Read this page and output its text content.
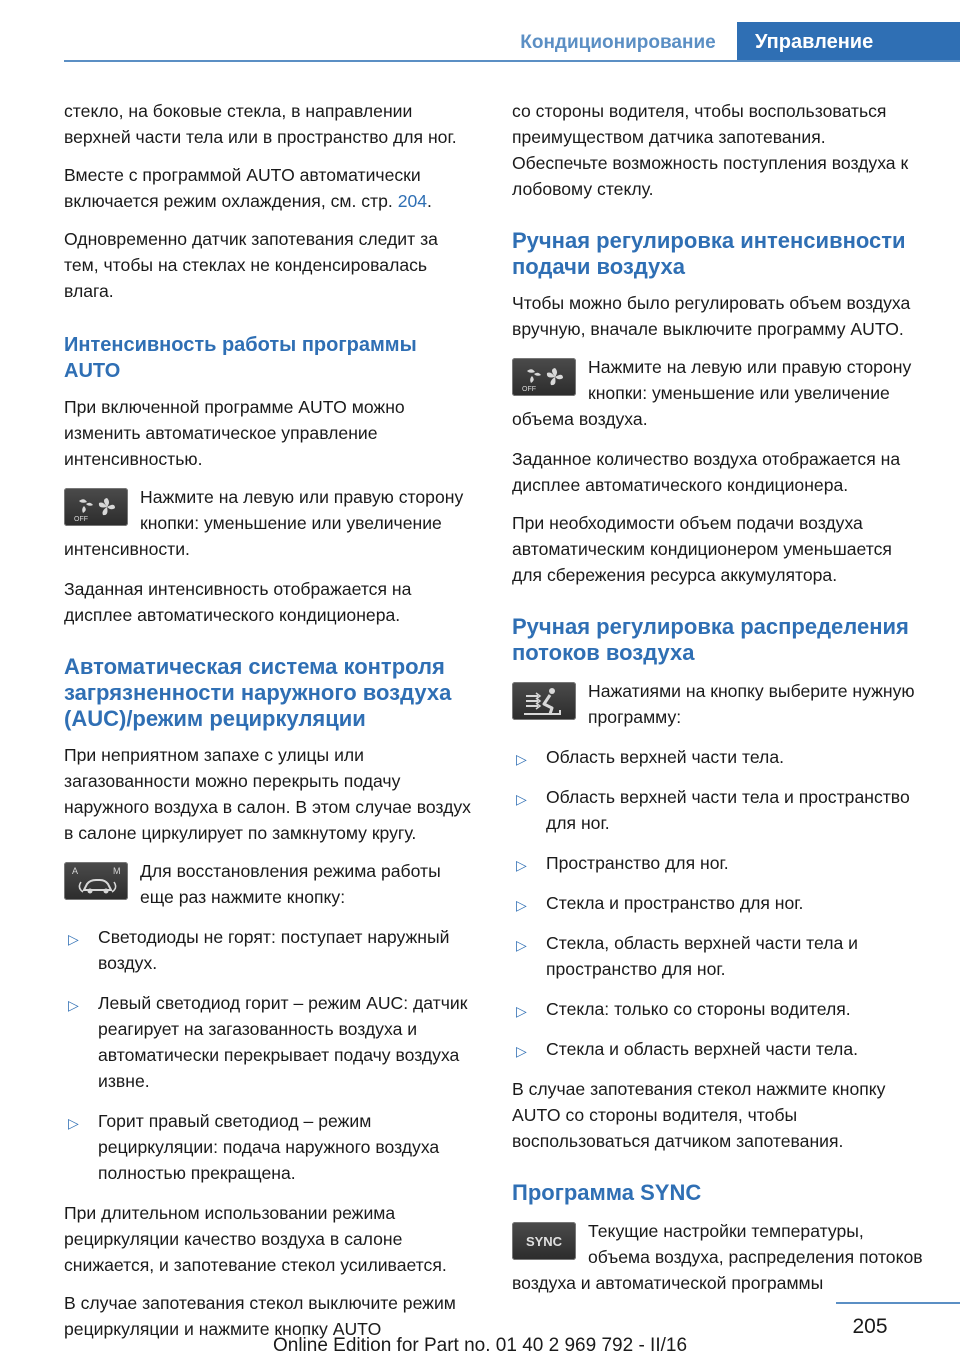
Кондиционирование	Управление

стекло, на боковые стекла, в направлении верхней части тела или в пространство для ног.

Вместе с программой AUTO автоматически включается режим охлаждения, см. стр. 204.

Одновременно датчик запотевания следит за тем, чтобы на стеклах не конденсировалась влага.

Интенсивность работы программы AUTO

При включенной программе AUTO можно изменить автоматическое управление интенсивностью.

OFF

Нажмите на левую или правую сторону кнопки: уменьшение или увеличение интенсивности.

Заданная интенсивность отображается на дисплее автоматического кондиционера.

Автоматическая система контроля загрязненности наружного воздуха (AUC)/режим рециркуляции

При неприятном запахе с улицы или загазованности можно перекрыть подачу наружного воздуха в салон. В этом случае воздух в салоне циркулирует по замкнутому кругу.

A	M	Для восстановления режима работы еще раз нажмите кнопку:

▷ Светодиоды не горят: поступает наружный воздух.
▷ Левый светодиод горит – режим AUC: датчик реагирует на загазованность воздуха и автоматически перекрывает подачу воздуха извне.
▷ Горит правый светодиод – режим рециркуляции: подача наружного воздуха полностью прекращена.

При длительном использовании режима рециркуляции качество воздуха в салоне снижается, и запотевание стекол усиливается.

В случае запотевания стекол выключите режим рециркуляции и нажмите кнопку AUTO

со стороны водителя, чтобы воспользоваться преимуществом датчика запотевания. Обеспечьте возможность поступления воздуха к лобовому стеклу.

Ручная регулировка интенсивности подачи воздуха

Чтобы можно было регулировать объем воздуха вручную, вначале выключите программу AUTO.

OFF

Нажмите на левую или правую сторону кнопки: уменьшение или увеличение объема воздуха.

Заданное количество воздуха отображается на дисплее автоматического кондиционера.

При необходимости объем подачи воздуха автоматическим кондиционером уменьшается для сбережения ресурса аккумулятора.

Ручная регулировка распределения потоков воздуха

Нажатиями на кнопку выберите нужную программу:

▷ Область верхней части тела.
▷ Область верхней части тела и пространство для ног.
▷ Пространство для ног.
▷ Стекла и пространство для ног.
▷ Стекла, область верхней части тела и пространство для ног.
▷ Стекла: только со стороны водителя.
▷ Стекла и область верхней части тела.

В случае запотевания стекол нажмите кнопку AUTO со стороны водителя, чтобы воспользоваться датчиком запотевания.

Программа SYNC
SYNC

Текущие настройки температуры, объема воздуха, распределения потоков воздуха и автоматической программы

205
Online Edition for Part no. 01 40 2 969 792 - II/16
